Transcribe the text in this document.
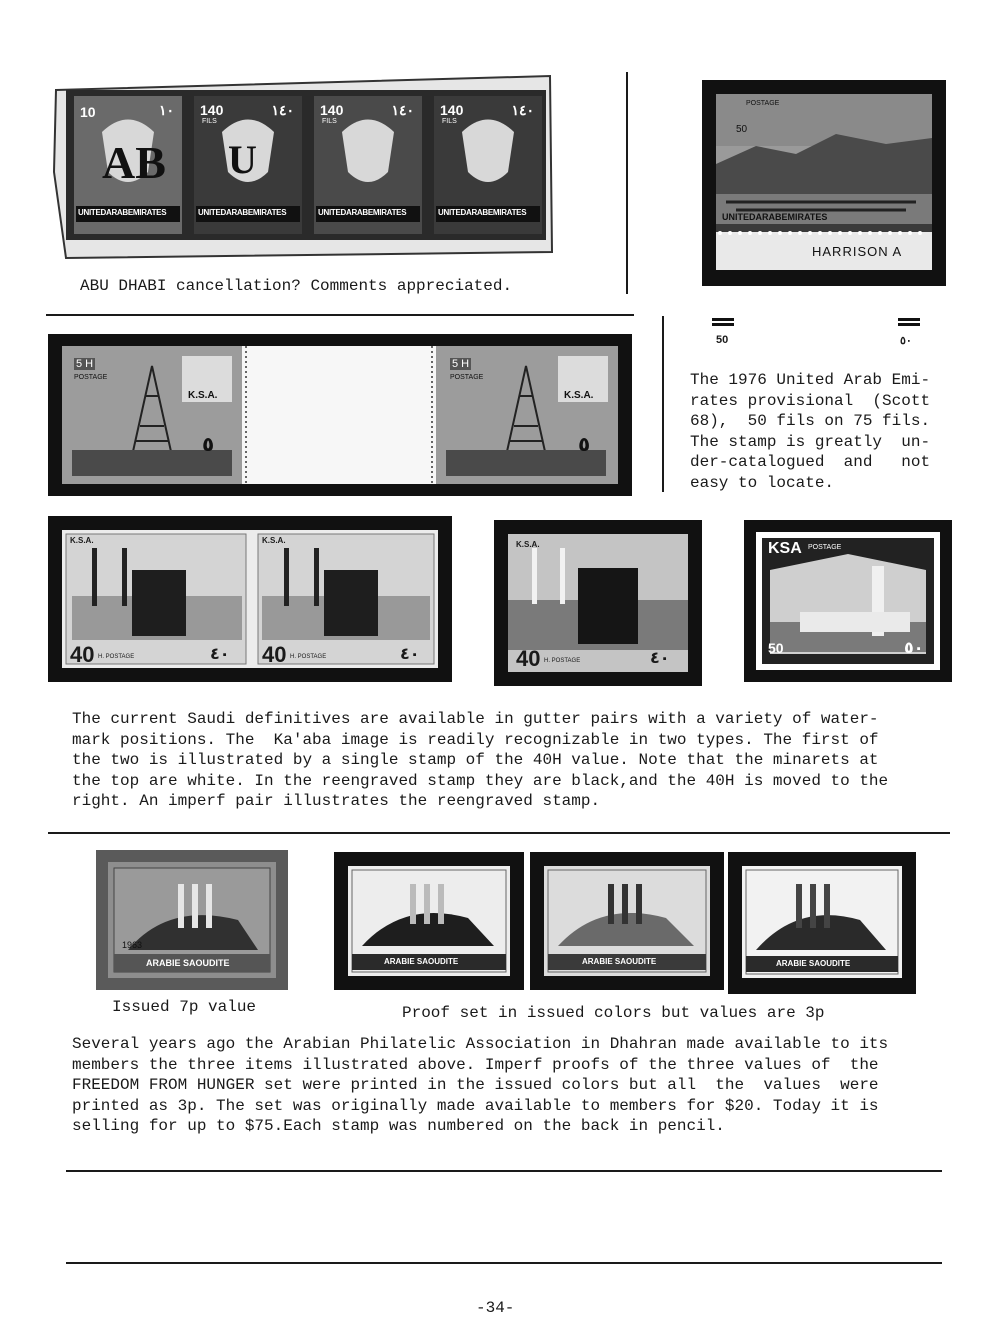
10	١٠
AB
UNITEDARABEMIRATES
140
FILS
١٤٠
U
UNITEDARABEMIRATES
140
FILS
١٤٠
UNITEDARABEMIRATES
140
FILS
١٤٠
UNITEDARABEMIRATES
ABU DHABI cancellation? Comments appreciated.
POSTAGE
50
UNITEDARABEMIRATES
HARRISON A
50	٥٠
5 H
POSTAGE
K.S.A.
٥
5 H
POSTAGE
K.S.A.
٥
The 1976 United Arab Emi-
rates provisional  (Scott
68),  50 fils on 75 fils.
The stamp is greatly  un-
der-catalogued  and   not
easy to locate.
K.S.A.
40 H. POSTAGE	٤٠
K.S.A.
40 H. POSTAGE	٤٠
K.S.A.
40 H. POSTAGE	٤٠
KSA POSTAGE
50	٥٠
The current Saudi definitives are available in gutter pairs with a variety of water-
mark positions. The  Ka'aba image is readily recognizable in two types. The first of
the two is illustrated by a single stamp of the 40H value. Note that the minarets at
the top are white. In the reengraved stamp they are black,and the 40H is moved to the
right. An imperf pair illustrates the reengraved stamp.
1963
ARABIE SAOUDITE	ARABIE SAOUDITE	ARABIE SAOUDITE	ARABIE SAOUDITE
Issued 7p value	Proof set in issued colors but values are 3p
Several years ago the Arabian Philatelic Association in Dhahran made available to its
members the three items illustrated above. Imperf proofs of the three values of  the
FREEDOM FROM HUNGER set were printed in the issued colors but all  the  values  were
printed as 3p. The set was originally made available to members for $20. Today it is
selling for up to $75.Each stamp was numbered on the back in pencil.
-34-
